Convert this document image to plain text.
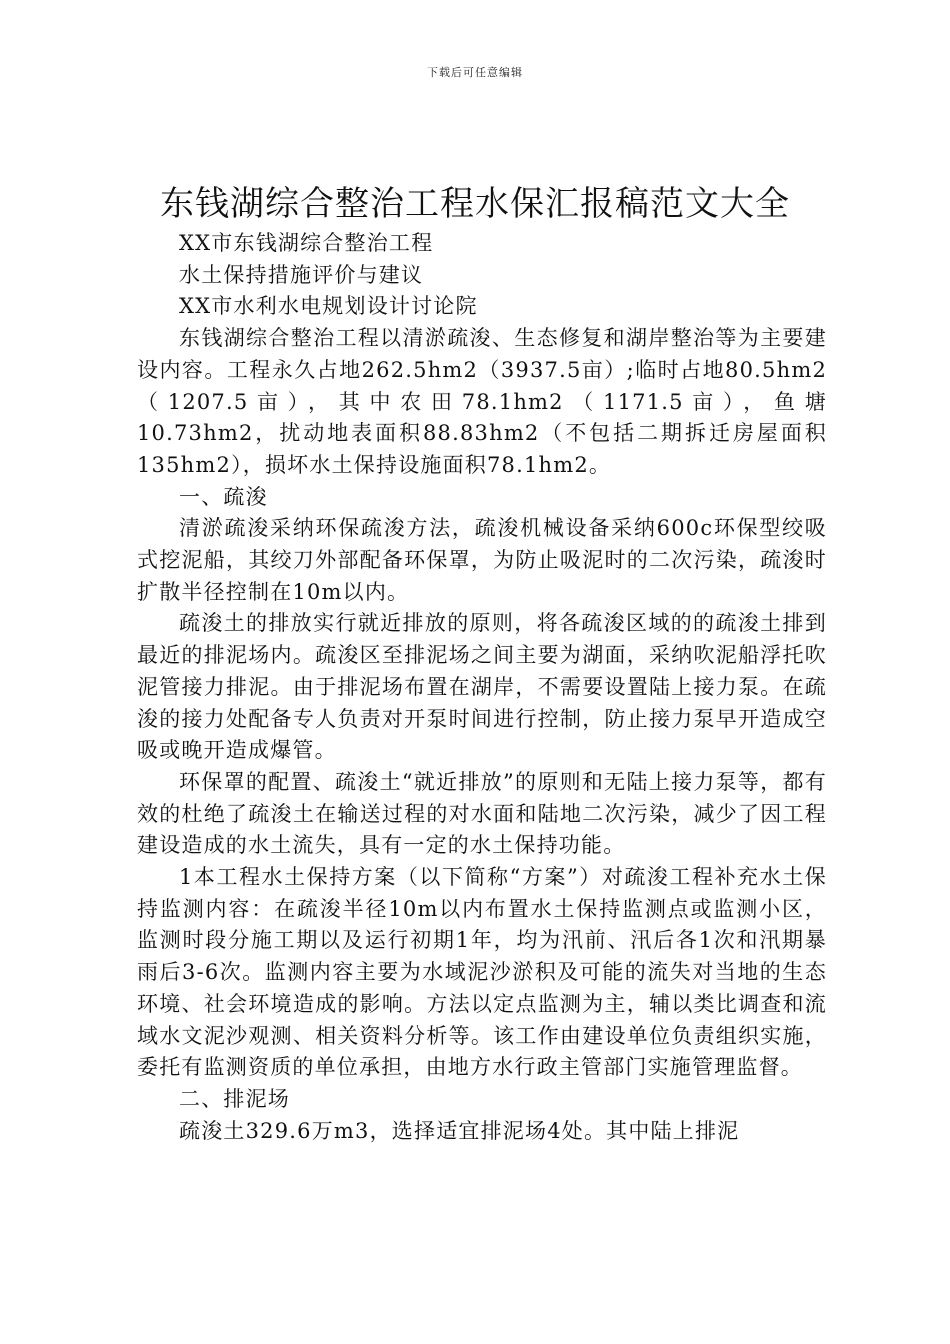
下载后可任意编辑
东钱湖综合整治工程水保汇报稿范文大全

XX市东钱湖综合整治工程

水土保持措施评价与建议

XX市水利水电规划设计讨论院

东钱湖综合整治工程以清淤疏浚、生态修复和湖岸整治等为主要建设内容。工程永久占地262.5hm2（3937.5亩）;临时占地80.5hm2（1207.5亩），其中农田78.1hm2（1171.5亩），鱼塘10.73hm2，扰动地表面积88.83hm2（不包括二期拆迁房屋面积135hm2），损坏水土保持设施面积78.1hm2。

一、疏浚

清淤疏浚采纳环保疏浚方法，疏浚机械设备采纳600c环保型绞吸式挖泥船，其绞刀外部配备环保罩，为防止吸泥时的二次污染，疏浚时扩散半径控制在10m以内。

疏浚土的排放实行就近排放的原则，将各疏浚区域的的疏浚土排到最近的排泥场内。疏浚区至排泥场之间主要为湖面，采纳吹泥船浮托吹泥管接力排泥。由于排泥场布置在湖岸，不需要设置陆上接力泵。在疏浚的接力处配备专人负责对开泵时间进行控制，防止接力泵早开造成空吸或晚开造成爆管。

环保罩的配置、疏浚土“就近排放”的原则和无陆上接力泵等，都有效的杜绝了疏浚土在输送过程的对水面和陆地二次污染，减少了因工程建设造成的水土流失，具有一定的水土保持功能。

1本工程水土保持方案（以下简称“方案”）对疏浚工程补充水土保持监测内容：在疏浚半径10m以内布置水土保持监测点或监测小区，监测时段分施工期以及运行初期1年，均为汛前、汛后各1次和汛期暴雨后3-6次。监测内容主要为水域泥沙淤积及可能的流失对当地的生态环境、社会环境造成的影响。方法以定点监测为主，辅以类比调查和流域水文泥沙观测、相关资料分析等。该工作由建设单位负责组织实施，委托有监测资质的单位承担，由地方水行政主管部门实施管理监督。

二、排泥场

疏浚土329.6万m3，选择适宜排泥场4处。其中陆上排泥
